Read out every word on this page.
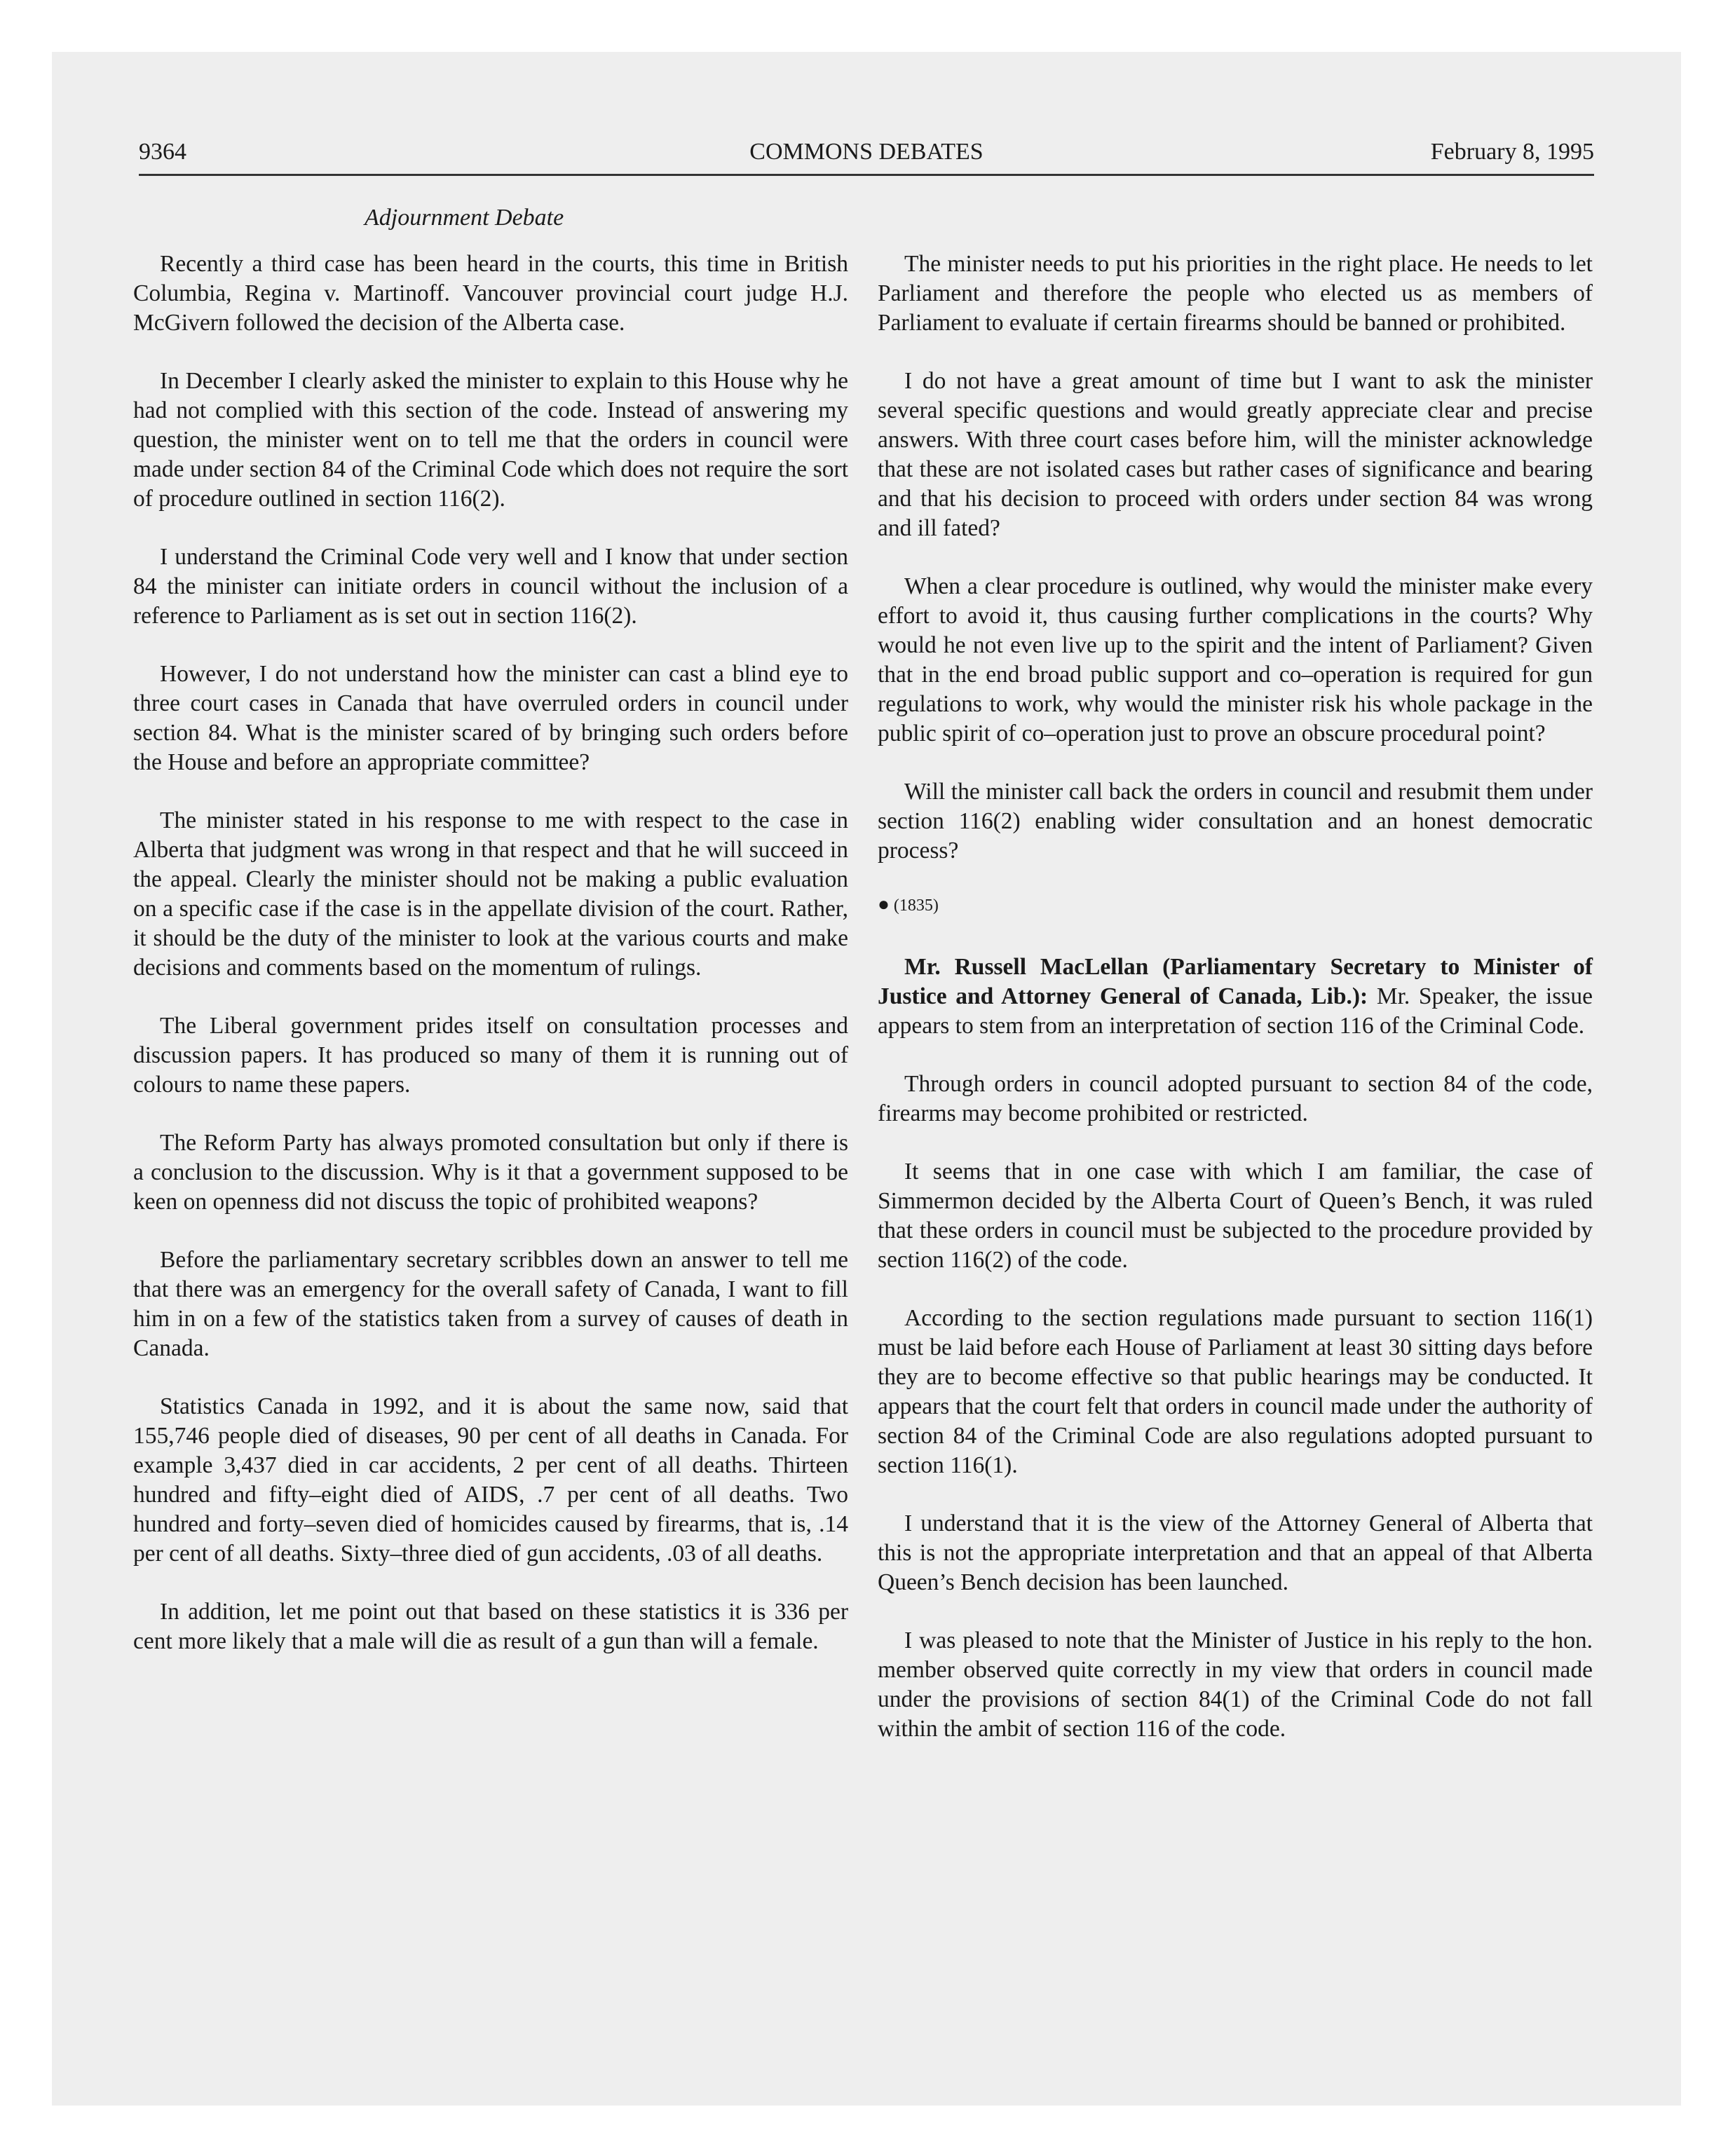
9364	COMMONS DEBATES	February 8, 1995
Adjournment Debate

Recently a third case has been heard in the courts, this time in British Columbia, Regina v. Martinoff. Vancouver provincial court judge H.J. McGivern followed the decision of the Alberta case.

In December I clearly asked the minister to explain to this House why he had not complied with this section of the code. Instead of answering my question, the minister went on to tell me that the orders in council were made under section 84 of the Criminal Code which does not require the sort of procedure outlined in section 116(2).

I understand the Criminal Code very well and I know that under section 84 the minister can initiate orders in council without the inclusion of a reference to Parliament as is set out in section 116(2).

However, I do not understand how the minister can cast a blind eye to three court cases in Canada that have overruled orders in council under section 84. What is the minister scared of by bringing such orders before the House and before an appropriate committee?

The minister stated in his response to me with respect to the case in Alberta that judgment was wrong in that respect and that he will succeed in the appeal. Clearly the minister should not be making a public evaluation on a specific case if the case is in the appellate division of the court. Rather, it should be the duty of the minister to look at the various courts and make decisions and comments based on the momentum of rulings.

The Liberal government prides itself on consultation processes and discussion papers. It has produced so many of them it is running out of colours to name these papers.

The Reform Party has always promoted consultation but only if there is a conclusion to the discussion. Why is it that a government supposed to be keen on openness did not discuss the topic of prohibited weapons?

Before the parliamentary secretary scribbles down an answer to tell me that there was an emergency for the overall safety of Canada, I want to fill him in on a few of the statistics taken from a survey of causes of death in Canada.

Statistics Canada in 1992, and it is about the same now, said that 155,746 people died of diseases, 90 per cent of all deaths in Canada. For example 3,437 died in car accidents, 2 per cent of all deaths. Thirteen hundred and fifty–eight died of AIDS, .7 per cent of all deaths. Two hundred and forty–seven died of homicides caused by firearms, that is, .14 per cent of all deaths. Sixty–three died of gun accidents, .03 of all deaths.

In addition, let me point out that based on these statistics it is 336 per cent more likely that a male will die as result of a gun than will a female.

The minister needs to put his priorities in the right place. He needs to let Parliament and therefore the people who elected us as members of Parliament to evaluate if certain firearms should be banned or prohibited.

I do not have a great amount of time but I want to ask the minister several specific questions and would greatly appreciate clear and precise answers. With three court cases before him, will the minister acknowledge that these are not isolated cases but rather cases of significance and bearing and that his decision to proceed with orders under section 84 was wrong and ill fated?

When a clear procedure is outlined, why would the minister make every effort to avoid it, thus causing further complications in the courts? Why would he not even live up to the spirit and the intent of Parliament? Given that in the end broad public support and co–operation is required for gun regulations to work, why would the minister risk his whole package in the public spirit of co–operation just to prove an obscure procedural point?

Will the minister call back the orders in council and resubmit them under section 116(2) enabling wider consultation and an honest democratic process?

● (1835)

Mr. Russell MacLellan (Parliamentary Secretary to Minister of Justice and Attorney General of Canada, Lib.): Mr. Speaker, the issue appears to stem from an interpretation of section 116 of the Criminal Code.

Through orders in council adopted pursuant to section 84 of the code, firearms may become prohibited or restricted.

It seems that in one case with which I am familiar, the case of Simmermon decided by the Alberta Court of Queen’s Bench, it was ruled that these orders in council must be subjected to the procedure provided by section 116(2) of the code.

According to the section regulations made pursuant to section 116(1) must be laid before each House of Parliament at least 30 sitting days before they are to become effective so that public hearings may be conducted. It appears that the court felt that orders in council made under the authority of section 84 of the Criminal Code are also regulations adopted pursuant to section 116(1).

I understand that it is the view of the Attorney General of Alberta that this is not the appropriate interpretation and that an appeal of that Alberta Queen’s Bench decision has been launched.

I was pleased to note that the Minister of Justice in his reply to the hon. member observed quite correctly in my view that orders in council made under the provisions of section 84(1) of the Criminal Code do not fall within the ambit of section 116 of the code.
